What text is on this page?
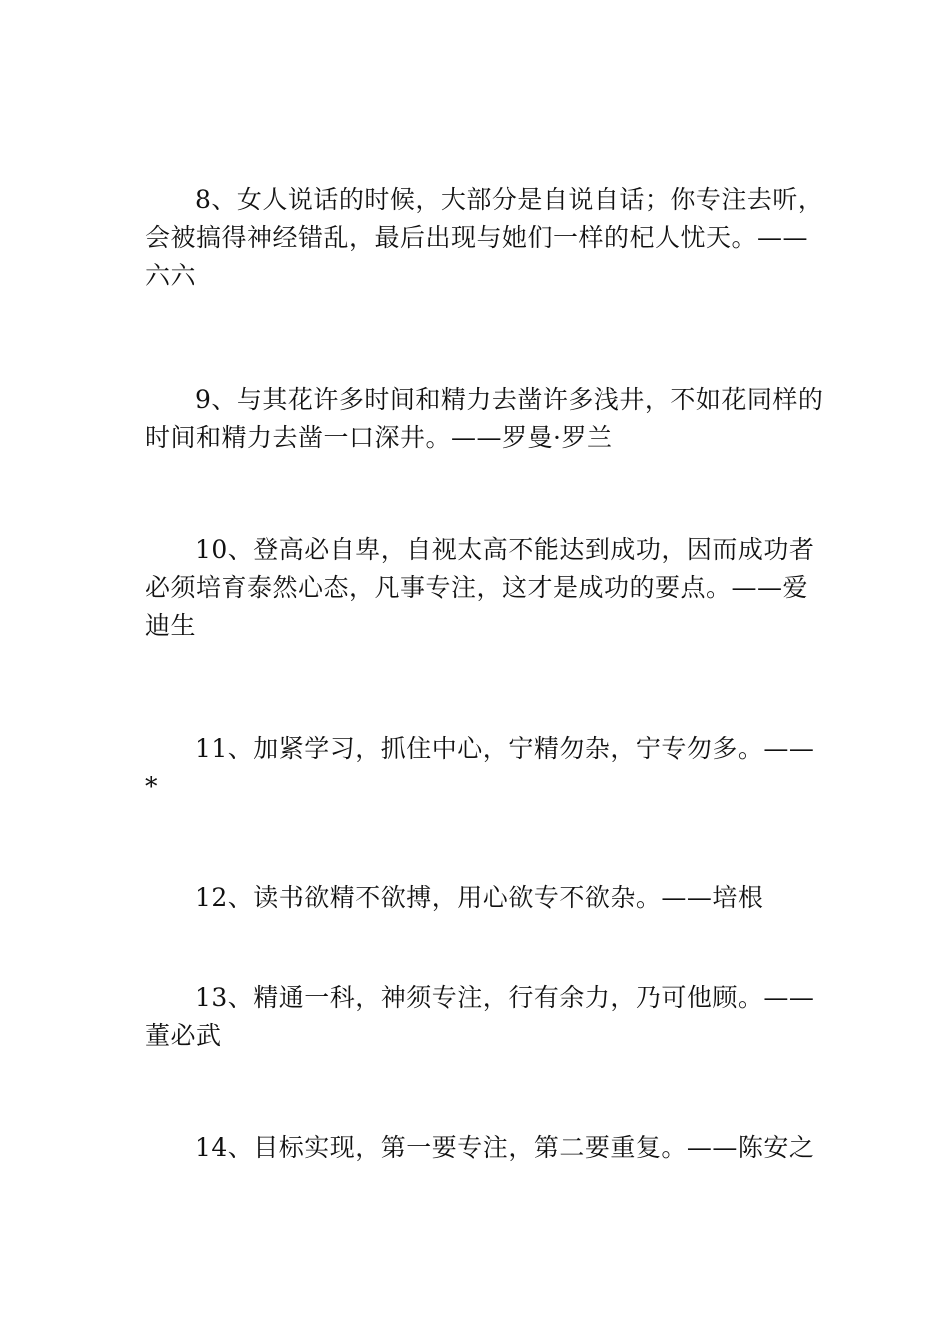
8、女人说话的时候，大部分是自说自话；你专注去听，会被搞得神经错乱，最后出现与她们一样的杞人忧天。——六六

9、与其花许多时间和精力去凿许多浅井，不如花同样的时间和精力去凿一口深井。——罗曼·罗兰

10、登高必自卑，自视太高不能达到成功，因而成功者必须培育泰然心态，凡事专注，这才是成功的要点。——爱迪生

11、加紧学习，抓住中心，宁精勿杂，宁专勿多。——*

12、读书欲精不欲搏，用心欲专不欲杂。——培根

13、精通一科，神须专注，行有余力，乃可他顾。——董必武

14、目标实现，第一要专注，第二要重复。——陈安之
